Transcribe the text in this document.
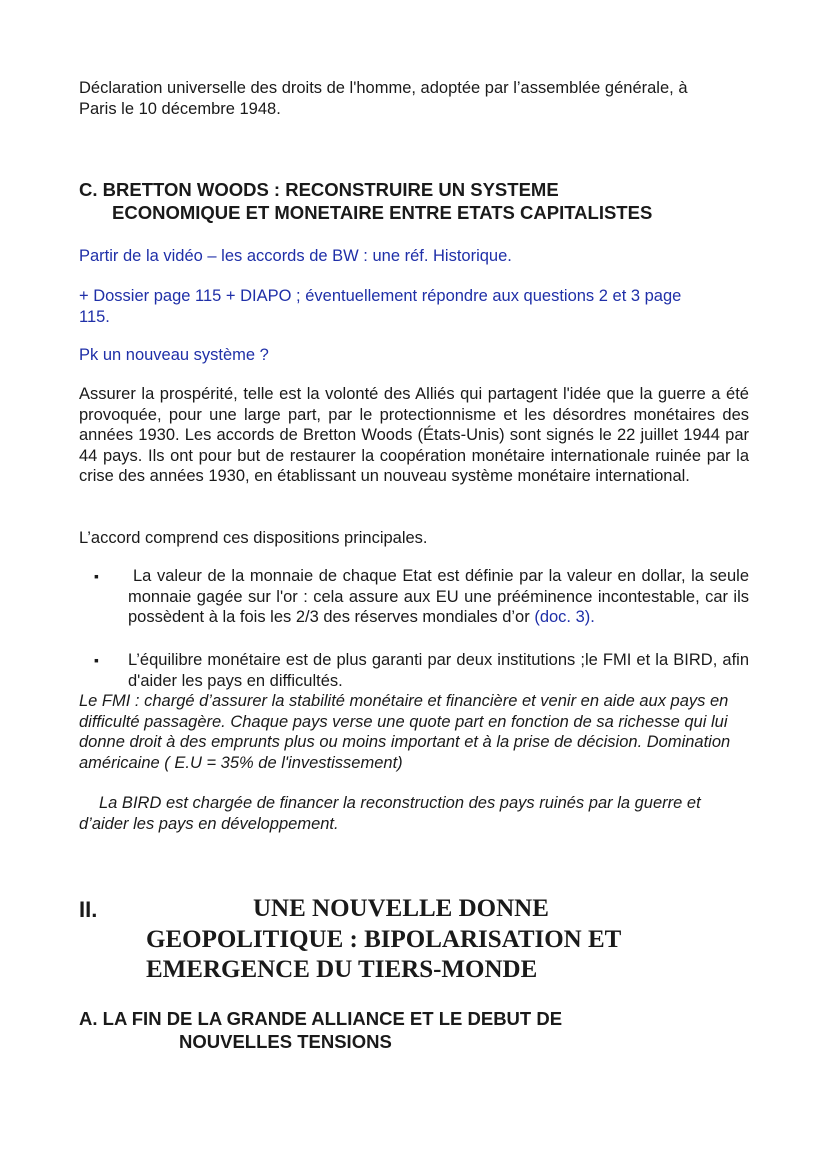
Déclaration universelle des droits de l'homme, adoptée par l’assemblée générale, à
Paris le 10 décembre 1948.

C. BRETTON WOODS : RECONSTRUIRE UN SYSTEME
ECONOMIQUE ET MONETAIRE ENTRE ETATS CAPITALISTES

Partir de la vidéo – les accords de BW : une réf. Historique.

+ Dossier page 115 + DIAPO ; éventuellement répondre aux questions 2 et 3 page
115.

Pk un nouveau système ?

Assurer la prospérité, telle est la volonté des Alliés qui partagent l'idée que la guerre a été provoquée, pour une large part, par le protectionnisme et les désordres monétaires des années 1930. Les accords de Bretton Woods (États-Unis) sont signés le 22 juillet 1944 par 44 pays. Ils ont pour but de restaurer la coopération monétaire internationale ruinée par la crise des années 1930, en établissant un nouveau système monétaire international.

L’accord comprend ces dispositions principales.

▪	La valeur de la monnaie de chaque Etat est définie par la valeur en dollar, la seule monnaie gagée sur l'or : cela assure aux EU une prééminence incontestable, car ils possèdent à la fois les 2/3 des réserves mondiales d’or (doc. 3).

▪ L’équilibre monétaire est de plus garanti par deux institutions ;le FMI et la BIRD, afin d'aider les pays en difficultés.

Le FMI : chargé d’assurer la stabilité monétaire et financière et venir en aide aux pays en difficulté passagère. Chaque pays verse une quote part en fonction de sa richesse qui lui donne droit à des emprunts plus ou moins important et à la prise de décision. Domination américaine ( E.U = 35% de l'investissement)

La BIRD est chargée de financer la reconstruction des pays ruinés par la guerre et d’aider les pays en développement.

II.	UNE NOUVELLE DONNE
GEOPOLITIQUE : BIPOLARISATION ET
EMERGENCE DU TIERS-MONDE
A. LA FIN DE LA GRANDE ALLIANCE ET LE DEBUT DE
NOUVELLES TENSIONS
